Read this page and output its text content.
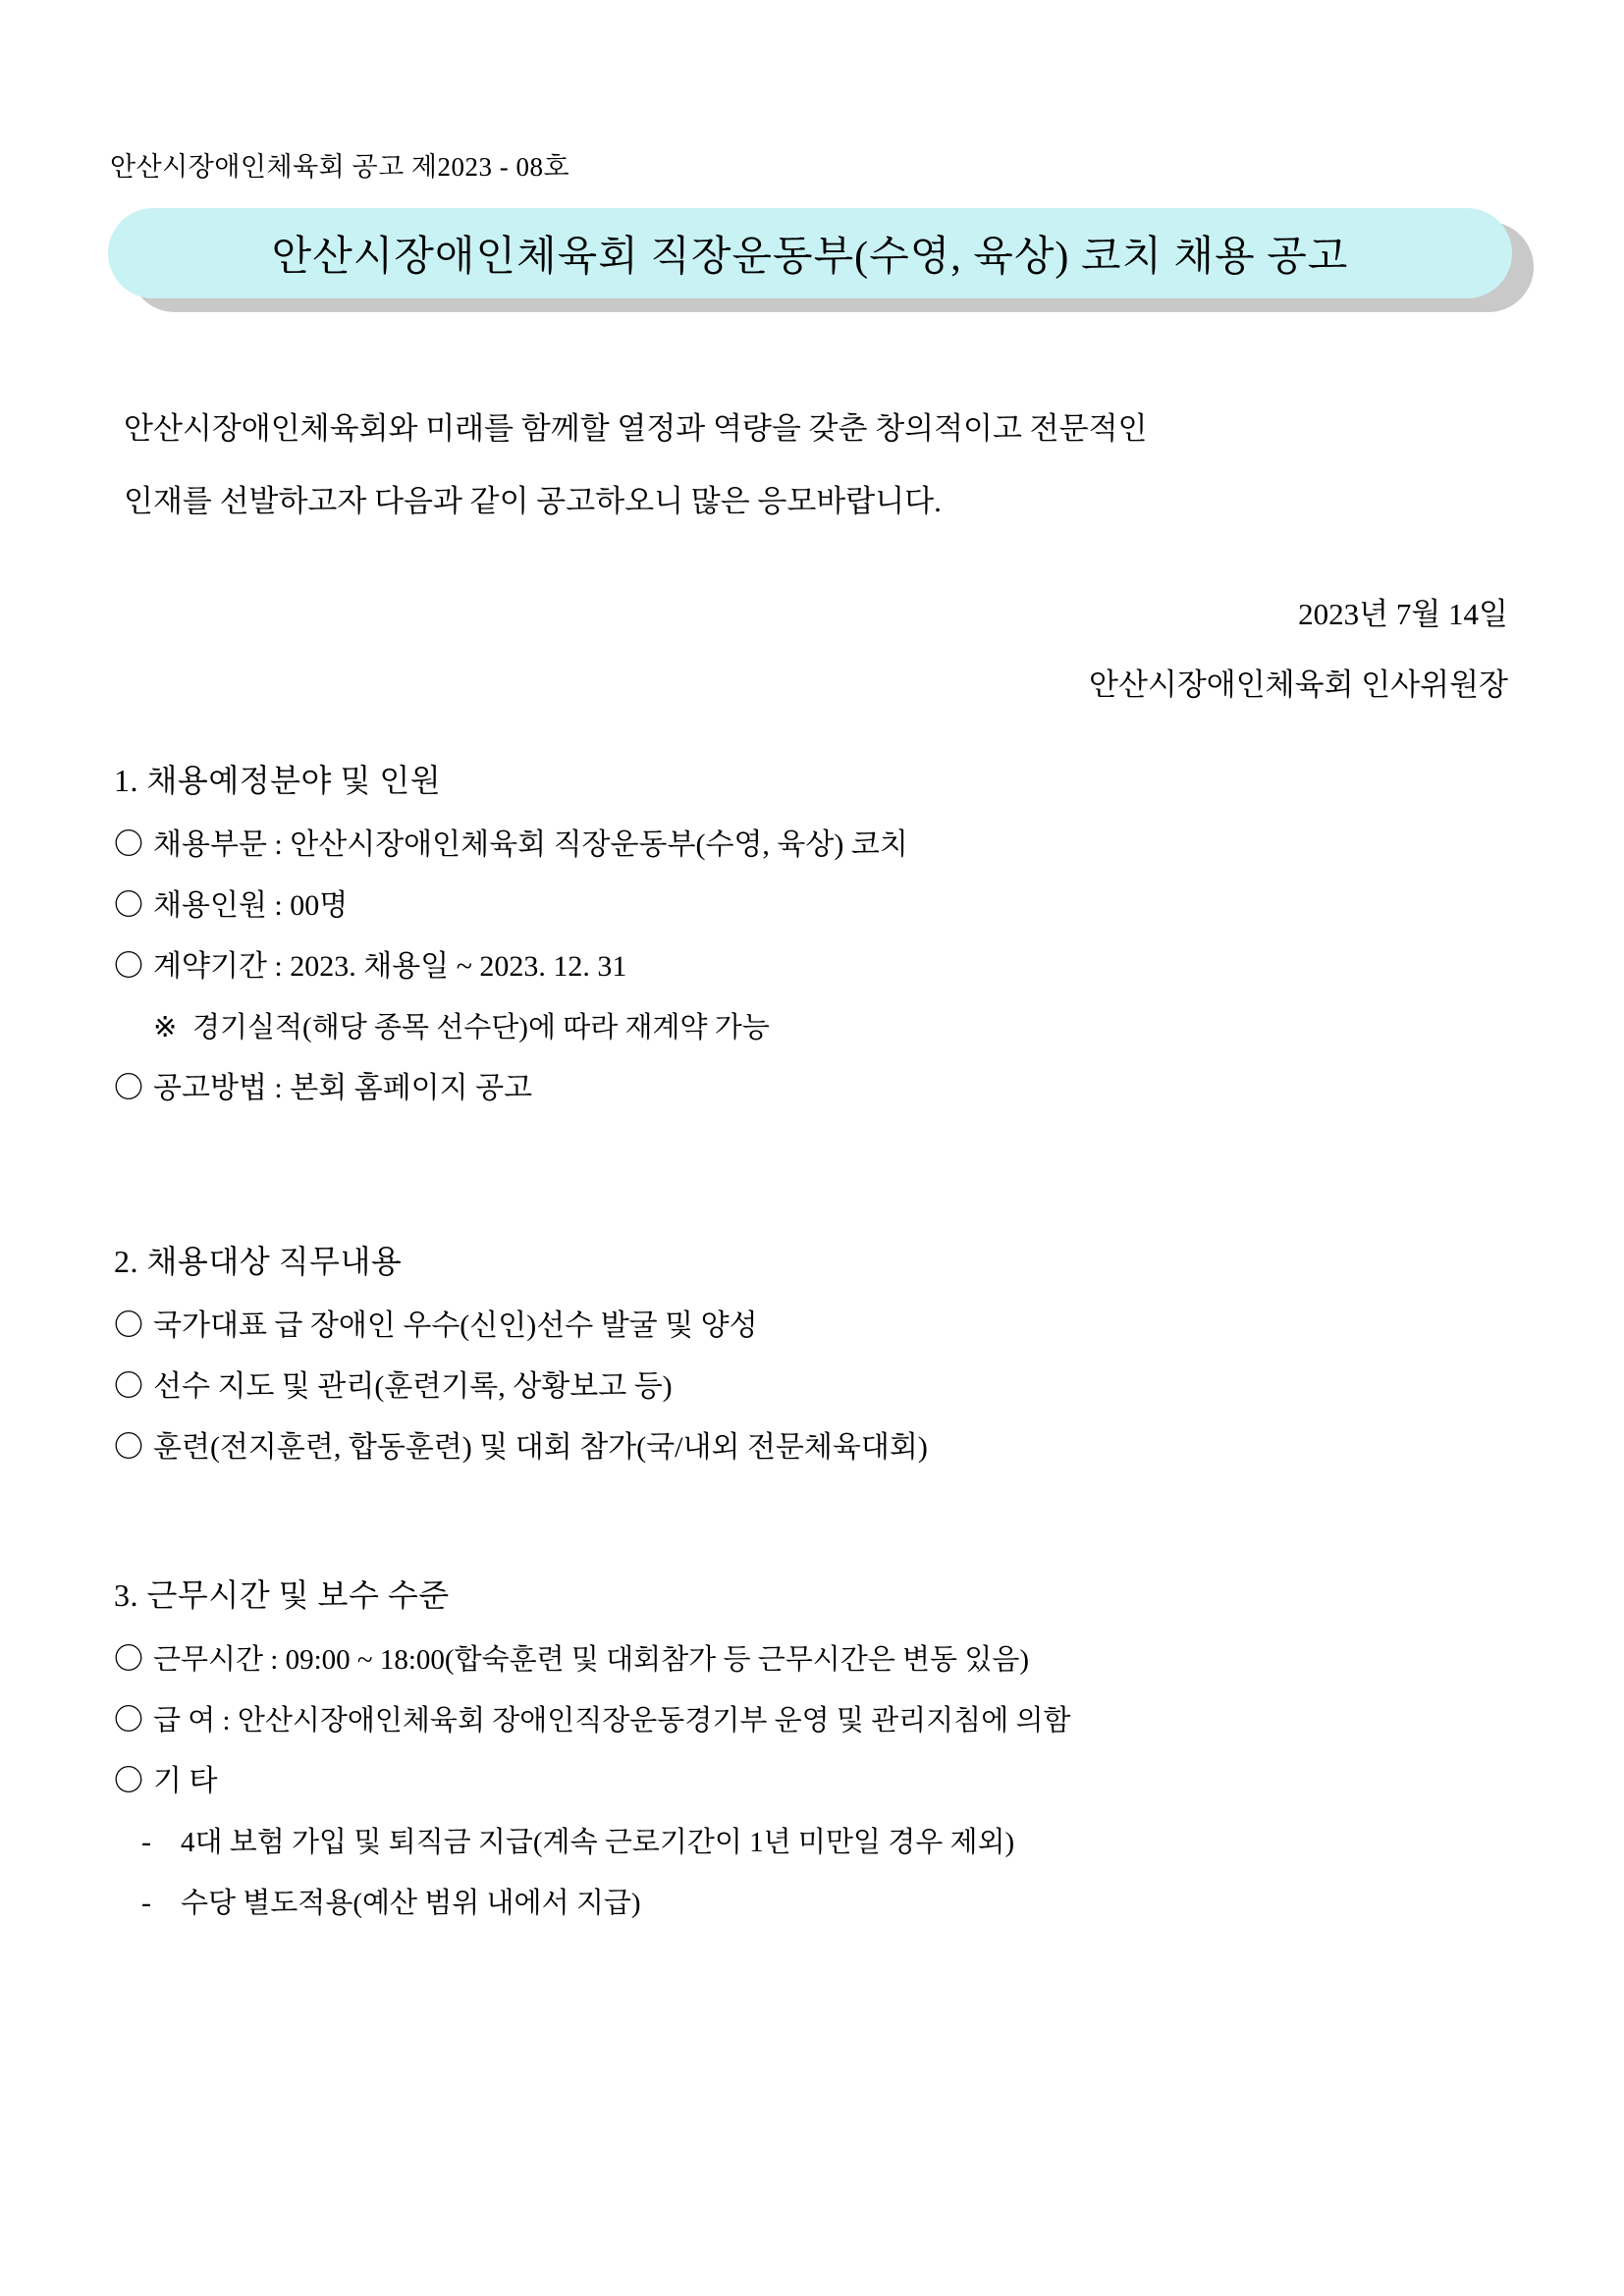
안산시장애인체육회 공고 제2023 - 08호
안산시장애인체육회 직장운동부(수영, 육상) 코치 채용 공고
안산시장애인체육회와 미래를 함께할 열정과 역량을 갖춘 창의적이고 전문적인
인재를 선발하고자 다음과 같이 공고하오니 많은 응모바랍니다.
2023년 7월 14일
안산시장애인체육회 인사위원장
1. 채용예정분야 및 인원
〇 채용부문 : 안산시장애인체육회 직장운동부(수영, 육상) 코치
〇 채용인원 : 00명
〇 계약기간 : 2023. 채용일 ~ 2023. 12. 31
※ 경기실적(해당 종목 선수단)에 따라 재계약 가능
〇 공고방법 : 본회 홈페이지 공고
2. 채용대상 직무내용
〇 국가대표 급 장애인 우수(신인)선수 발굴 및 양성
〇 선수 지도 및 관리(훈련기록, 상황보고 등)
〇 훈련(전지훈련, 합동훈련) 및 대회 참가(국/내외 전문체육대회)
3. 근무시간 및 보수 수준
〇 근무시간 : 09:00 ~ 18:00(합숙훈련 및 대회참가 등 근무시간은 변동 있음)
〇 급 여 : 안산시장애인체육회 장애인직장운동경기부 운영 및 관리지침에 의함
〇 기 타
- 4대 보험 가입 및 퇴직금 지급(계속 근로기간이 1년 미만일 경우 제외)
- 수당 별도적용(예산 범위 내에서 지급)
